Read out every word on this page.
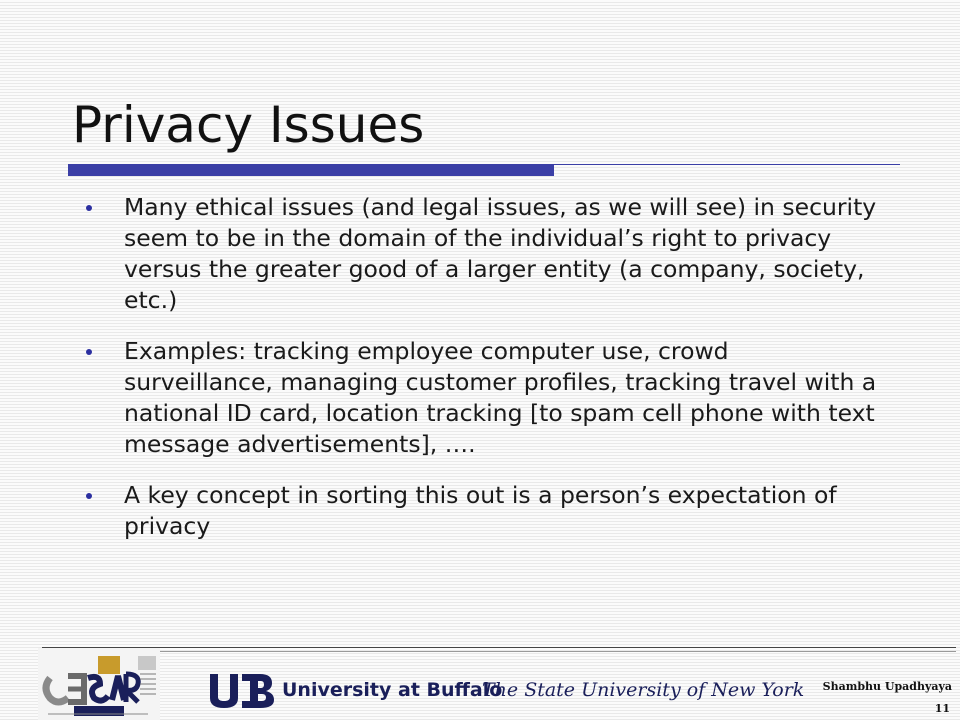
Privacy Issues
Many ethical issues (and legal issues, as we will see) in security seem to be in the domain of the individual’s right to privacy versus the greater good of a larger entity (a company, society, etc.)
Examples: tracking employee computer use, crowd surveillance, managing customer profiles, tracking travel with a national ID card, location tracking [to spam cell phone with text message advertisements], ….
A key concept in sorting this out is a person’s expectation of privacy
University at Buffalo
The State University of New York Shambhu Upadhyaya
11
